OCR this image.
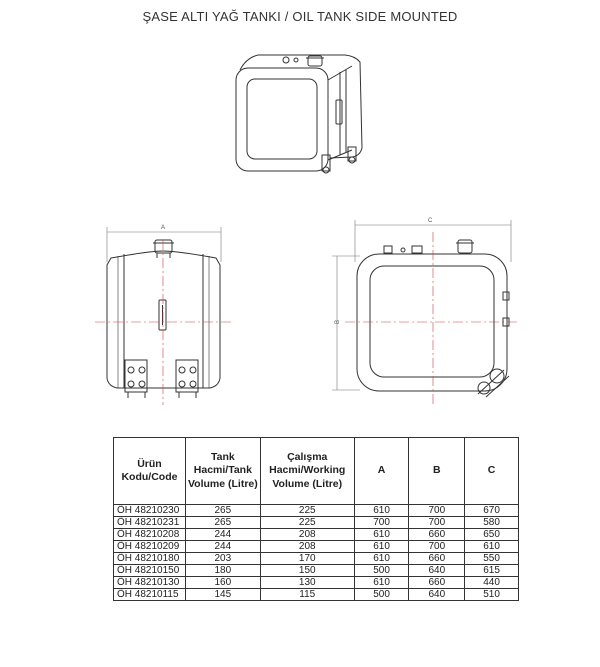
ŞASE ALTI YAĞ TANKI / OIL TANK SIDE MOUNTED
A
C
B
Ürün Kodu/Code	Tank Hacmi/Tank Volume (Litre)	Çalışma Hacmi/Working Volume (Litre)	A	B	C
ÖH 48210230	265	225	610	700	670
ÖH 48210231	265	225	700	700	580
ÖH 48210208	244	208	610	660	650
ÖH 48210209	244	208	610	700	610
ÖH 48210180	203	170	610	660	550
ÖH 48210150	180	150	500	640	615
ÖH 48210130	160	130	610	660	440
ÖH 48210115	145	115	500	640	510
